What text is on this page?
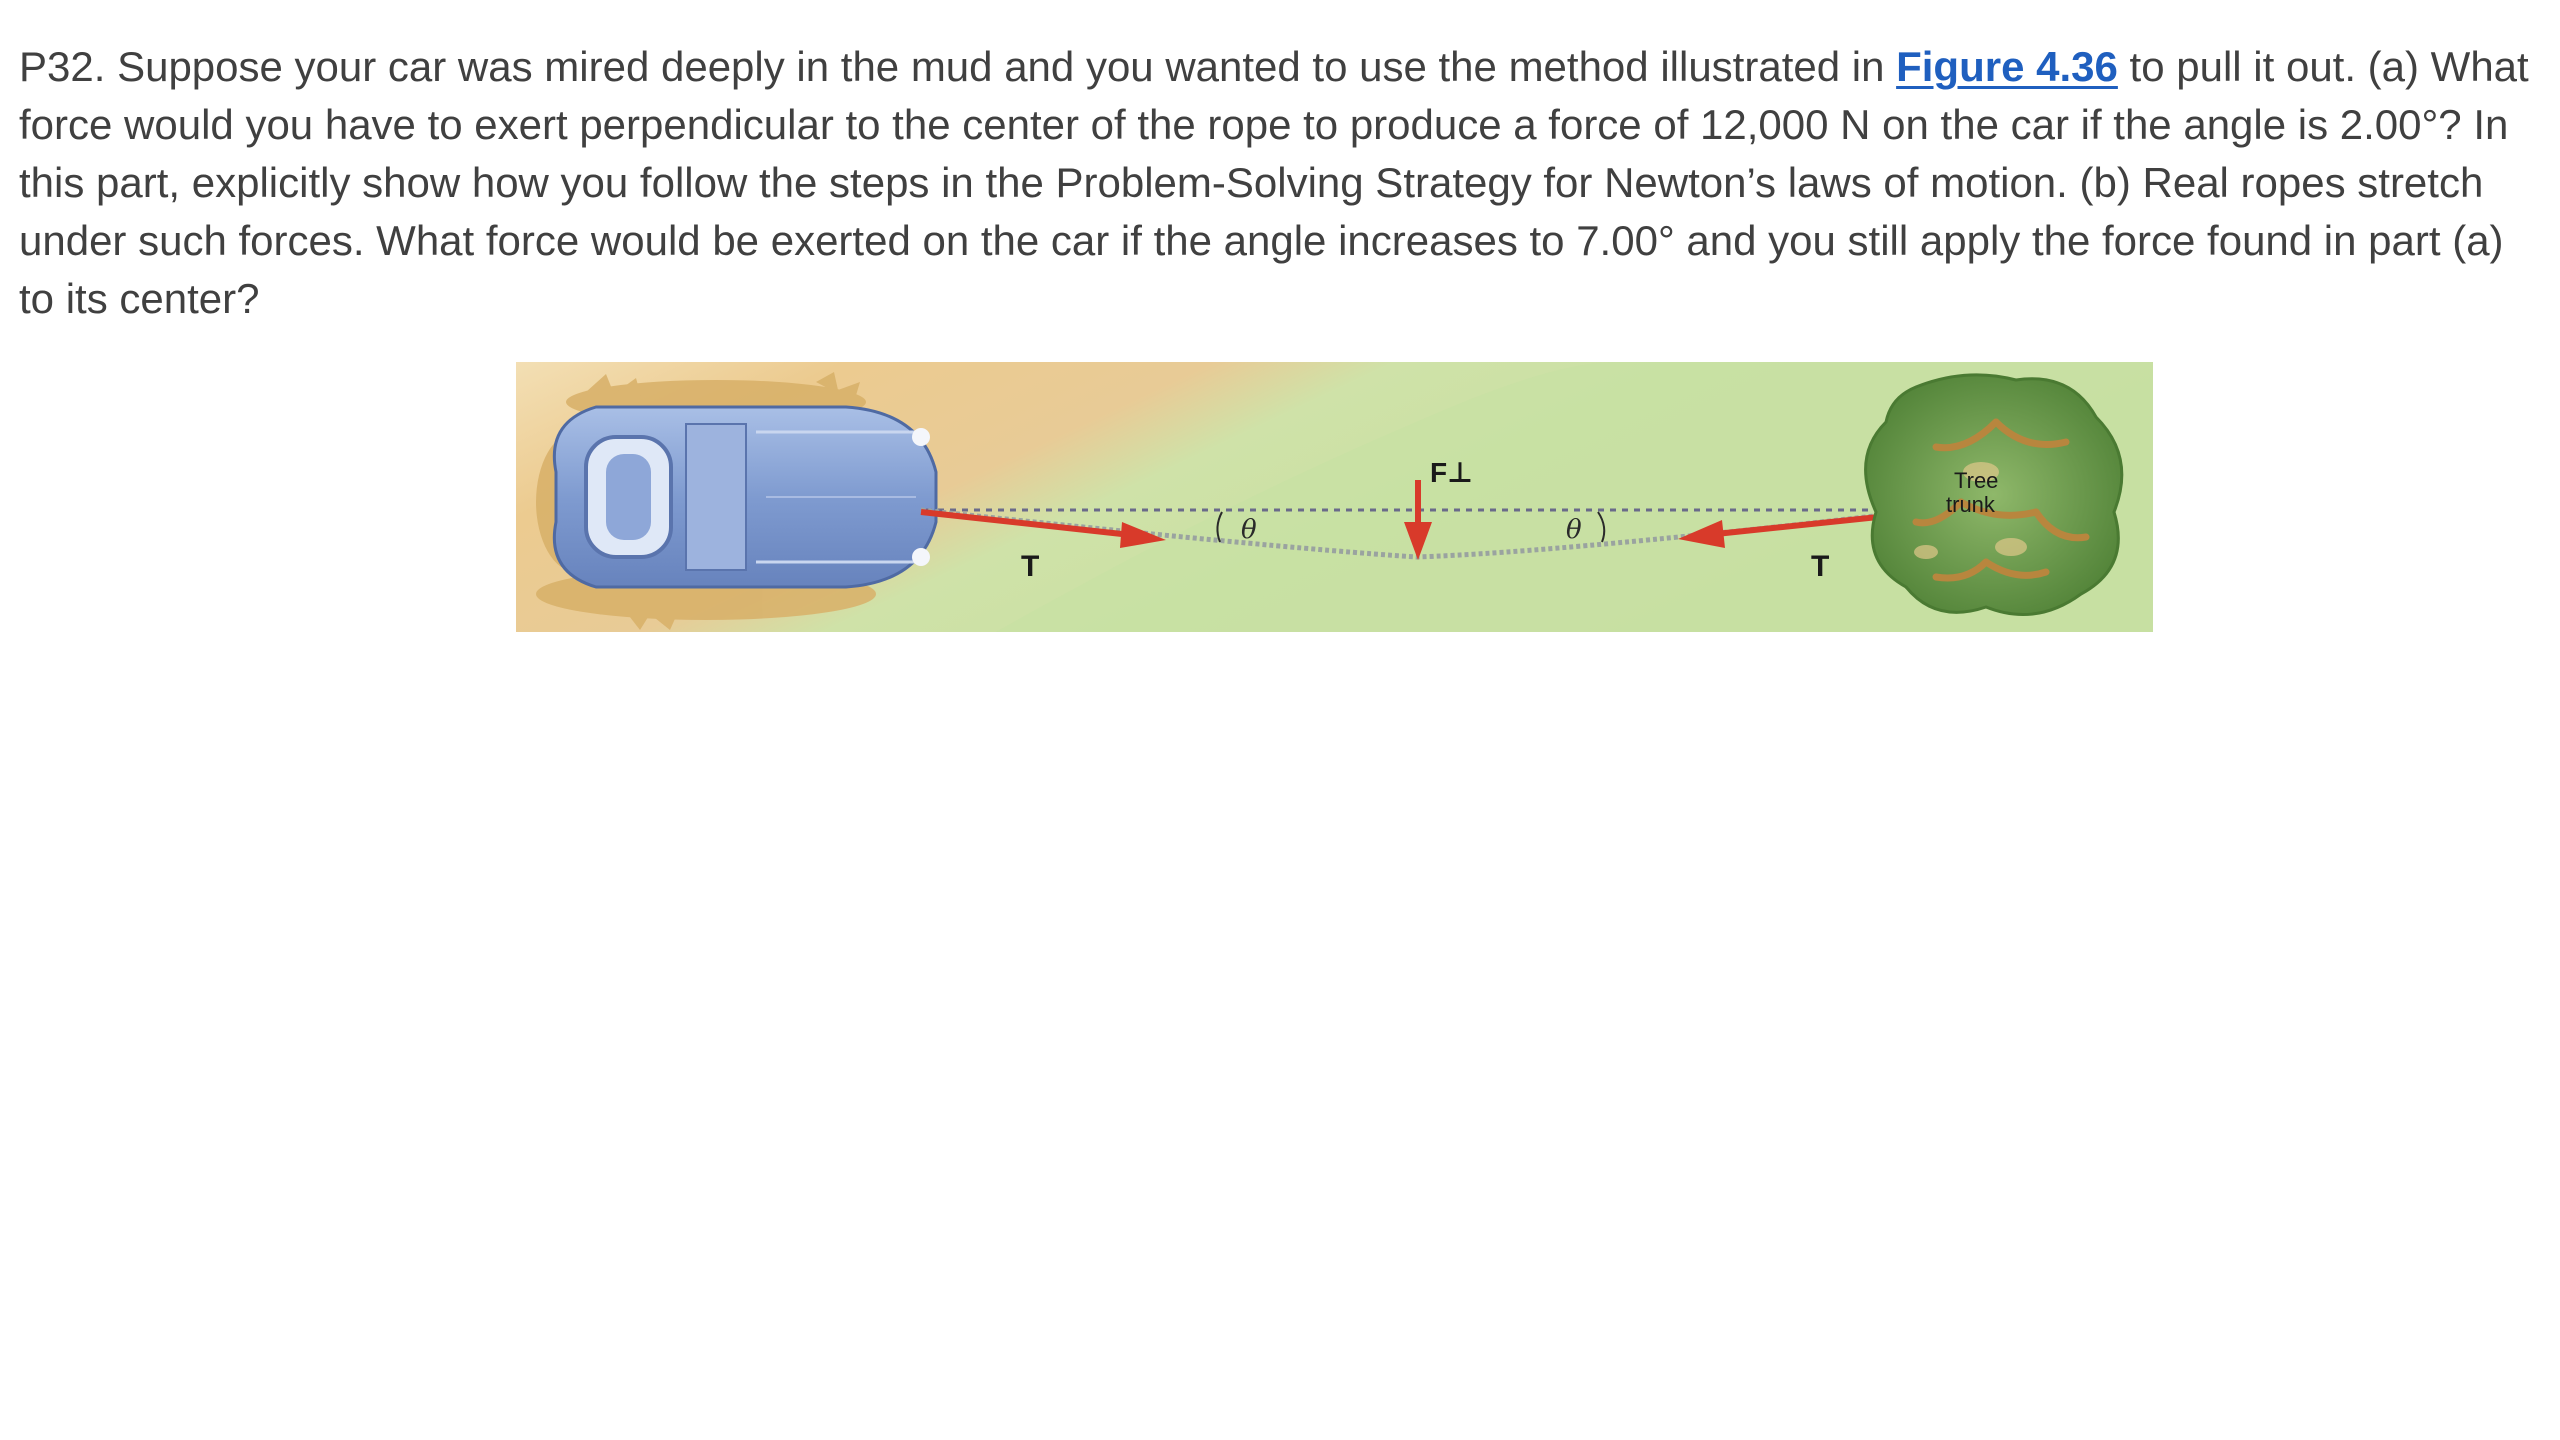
P32. Suppose your car was mired deeply in the mud and you wanted to use the method illustrated in Figure 4.36 to pull it out. (a) What force would you have to exert perpendicular to the center of the rope to produce a force of 12,000 N on the car if the angle is 2.00°? In this part, explicitly show how you follow the steps in the Problem-Solving Strategy for Newton’s laws of motion. (b) Real ropes stretch under such forces. What force would be exerted on the car if the angle increases to 7.00° and you still apply the force found in part (a) to its center?

T	T
F⊥
θ	θ
Tree
trunk
